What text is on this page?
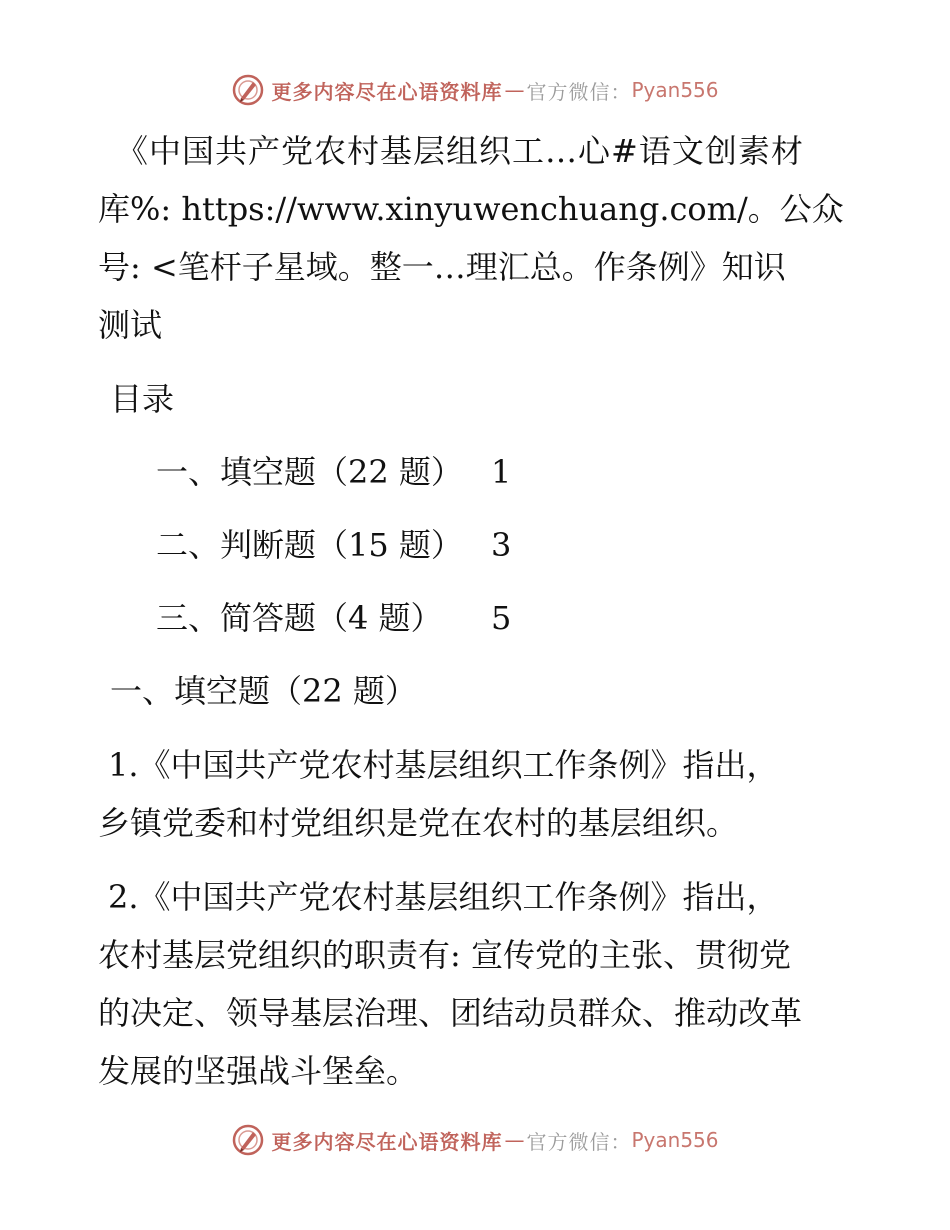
更多内容尽在心语资料库 — 官方微信： Pyan556
《中国共产党农村基层组织工…心#语文创素材
库%: https://www.xinyuwenchuang.com/。公众
号: <笔杆子星域。整一…理汇总。作条例》知识
测试
目录
一、填空题（22 题） 1
二、判断题（15 题） 3
三、简答题（4 题）	5
一、填空题（22 题）
1.《中国共产党农村基层组织工作条例》指出，
乡镇党委和村党组织是党在农村的基层组织。
2.《中国共产党农村基层组织工作条例》指出，
农村基层党组织的职责有: 宣传党的主张、贯彻党
的决定、领导基层治理、团结动员群众、推动改革
发展的坚强战斗堡垒。
更多内容尽在心语资料库 — 官方微信： Pyan556
